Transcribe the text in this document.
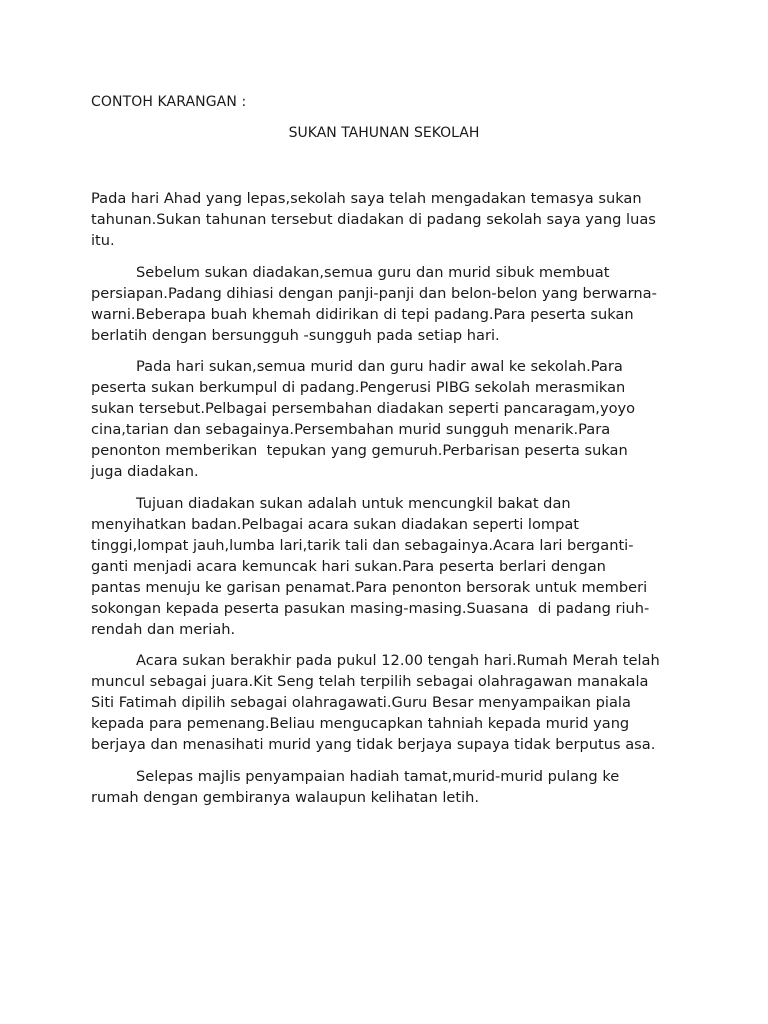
CONTOH KARANGAN :
SUKAN TAHUNAN SEKOLAH

Pada hari Ahad yang lepas,sekolah saya telah mengadakan temasya sukan
tahunan.Sukan tahunan tersebut diadakan di padang sekolah saya yang luas
itu.

Sebelum sukan diadakan,semua guru dan murid sibuk membuat
persiapan.Padang dihiasi dengan panji-panji dan belon-belon yang berwarna-
warni.Beberapa buah khemah didirikan di tepi padang.Para peserta sukan
berlatih dengan bersungguh -sungguh pada setiap hari.

Pada hari sukan,semua murid dan guru hadir awal ke sekolah.Para
peserta sukan berkumpul di padang.Pengerusi PIBG sekolah merasmikan
sukan tersebut.Pelbagai persembahan diadakan seperti pancaragam,yoyo
cina,tarian dan sebagainya.Persembahan murid sungguh menarik.Para
penonton memberikan  tepukan yang gemuruh.Perbarisan peserta sukan
juga diadakan.

Tujuan diadakan sukan adalah untuk mencungkil bakat dan
menyihatkan badan.Pelbagai acara sukan diadakan seperti lompat
tinggi,lompat jauh,lumba lari,tarik tali dan sebagainya.Acara lari berganti-
ganti menjadi acara kemuncak hari sukan.Para peserta berlari dengan
pantas menuju ke garisan penamat.Para penonton bersorak untuk memberi
sokongan kepada peserta pasukan masing-masing.Suasana  di padang riuh-
rendah dan meriah.

Acara sukan berakhir pada pukul 12.00 tengah hari.Rumah Merah telah
muncul sebagai juara.Kit Seng telah terpilih sebagai olahragawan manakala
Siti Fatimah dipilih sebagai olahragawati.Guru Besar menyampaikan piala
kepada para pemenang.Beliau mengucapkan tahniah kepada murid yang
berjaya dan menasihati murid yang tidak berjaya supaya tidak berputus asa.

Selepas majlis penyampaian hadiah tamat,murid-murid pulang ke
rumah dengan gembiranya walaupun kelihatan letih.
